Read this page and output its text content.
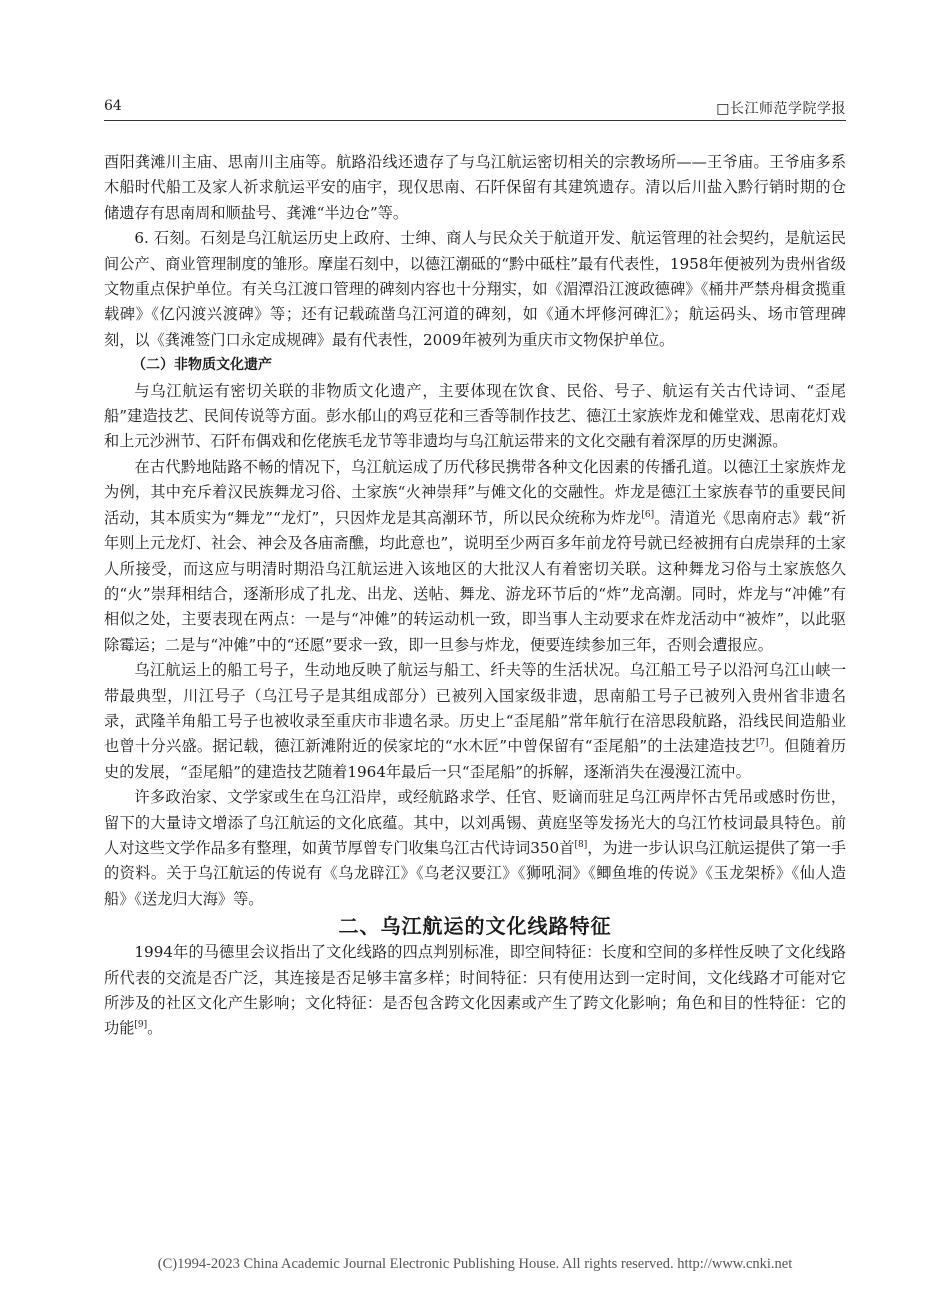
64	□长江师范学院学报

酉阳龚滩川主庙、思南川主庙等。航路沿线还遗存了与乌江航运密切相关的宗教场所——王爷庙。王爷庙多系木船时代船工及家人祈求航运平安的庙宇，现仅思南、石阡保留有其建筑遗存。清以后川盐入黔行销时期的仓储遗存有思南周和顺盐号、龚滩“半边仓”等。

6. 石刻。石刻是乌江航运历史上政府、士绅、商人与民众关于航道开发、航运管理的社会契约，是航运民间公产、商业管理制度的雏形。摩崖石刻中，以德江潮砥的“黔中砥柱”最有代表性，1958年便被列为贵州省级文物重点保护单位。有关乌江渡口管理的碑刻内容也十分翔实，如《湄潭沿江渡政德碑》《桶井严禁舟楫贪揽重载碑》《亿闪渡兴渡碑》等；还有记载疏凿乌江河道的碑刻，如《通木坪修河碑汇》；航运码头、场市管理碑刻，以《龚滩签门口永定成规碑》最有代表性，2009年被列为重庆市文物保护单位。

（二）非物质文化遗产

与乌江航运有密切关联的非物质文化遗产，主要体现在饮食、民俗、号子、航运有关古代诗词、“歪尾船”建造技艺、民间传说等方面。彭水郁山的鸡豆花和三香等制作技艺、德江土家族炸龙和傩堂戏、思南花灯戏和上元沙洲节、石阡布偶戏和仡佬族毛龙节等非遗均与乌江航运带来的文化交融有着深厚的历史渊源。

在古代黔地陆路不畅的情况下，乌江航运成了历代移民携带各种文化因素的传播孔道。以德江土家族炸龙为例，其中充斥着汉民族舞龙习俗、土家族“火神崇拜”与傩文化的交融性。炸龙是德江土家族春节的重要民间活动，其本质实为“舞龙”“龙灯”，只因炸龙是其高潮环节，所以民众统称为炸龙[6]。清道光《思南府志》载“祈年则上元龙灯、社会、神会及各庙斋醮，均此意也”，说明至少两百多年前龙符号就已经被拥有白虎崇拜的土家人所接受，而这应与明清时期沿乌江航运进入该地区的大批汉人有着密切关联。这种舞龙习俗与土家族悠久的“火”崇拜相结合，逐渐形成了扎龙、出龙、送帖、舞龙、游龙环节后的“炸”龙高潮。同时，炸龙与“冲傩”有相似之处，主要表现在两点：一是与“冲傩”的转运动机一致，即当事人主动要求在炸龙活动中“被炸”，以此驱除霉运；二是与“冲傩”中的“还愿”要求一致，即一旦参与炸龙，便要连续参加三年，否则会遭报应。

乌江航运上的船工号子，生动地反映了航运与船工、纤夫等的生活状况。乌江船工号子以沿河乌江山峡一带最典型，川江号子（乌江号子是其组成部分）已被列入国家级非遗，思南船工号子已被列入贵州省非遗名录，武隆羊角船工号子也被收录至重庆市非遗名录。历史上“歪尾船”常年航行在涪思段航路，沿线民间造船业也曾十分兴盛。据记载，德江新滩附近的侯家坨的“水木匠”中曾保留有“歪尾船”的土法建造技艺[7]。但随着历史的发展，“歪尾船”的建造技艺随着1964年最后一只“歪尾船”的拆解，逐渐消失在漫漫江流中。

许多政治家、文学家或生在乌江沿岸，或经航路求学、任官、贬谪而驻足乌江两岸怀古凭吊或感时伤世，留下的大量诗文增添了乌江航运的文化底蕴。其中，以刘禹锡、黄庭坚等发扬光大的乌江竹枝词最具特色。前人对这些文学作品多有整理，如黄节厚曾专门收集乌江古代诗词350首[8]，为进一步认识乌江航运提供了第一手的资料。关于乌江航运的传说有《乌龙辟江》《乌老汉要江》《狮吼洞》《鲫鱼堆的传说》《玉龙架桥》《仙人造船》《送龙归大海》等。

二、乌江航运的文化线路特征

1994年的马德里会议指出了文化线路的四点判别标准，即空间特征：长度和空间的多样性反映了文化线路所代表的交流是否广泛，其连接是否足够丰富多样；时间特征：只有使用达到一定时间，文化线路才可能对它所涉及的社区文化产生影响；文化特征：是否包含跨文化因素或产生了跨文化影响；角色和目的性特征：它的功能[9]。

(C)1994-2023 China Academic Journal Electronic Publishing House. All rights reserved. http://www.cnki.net
